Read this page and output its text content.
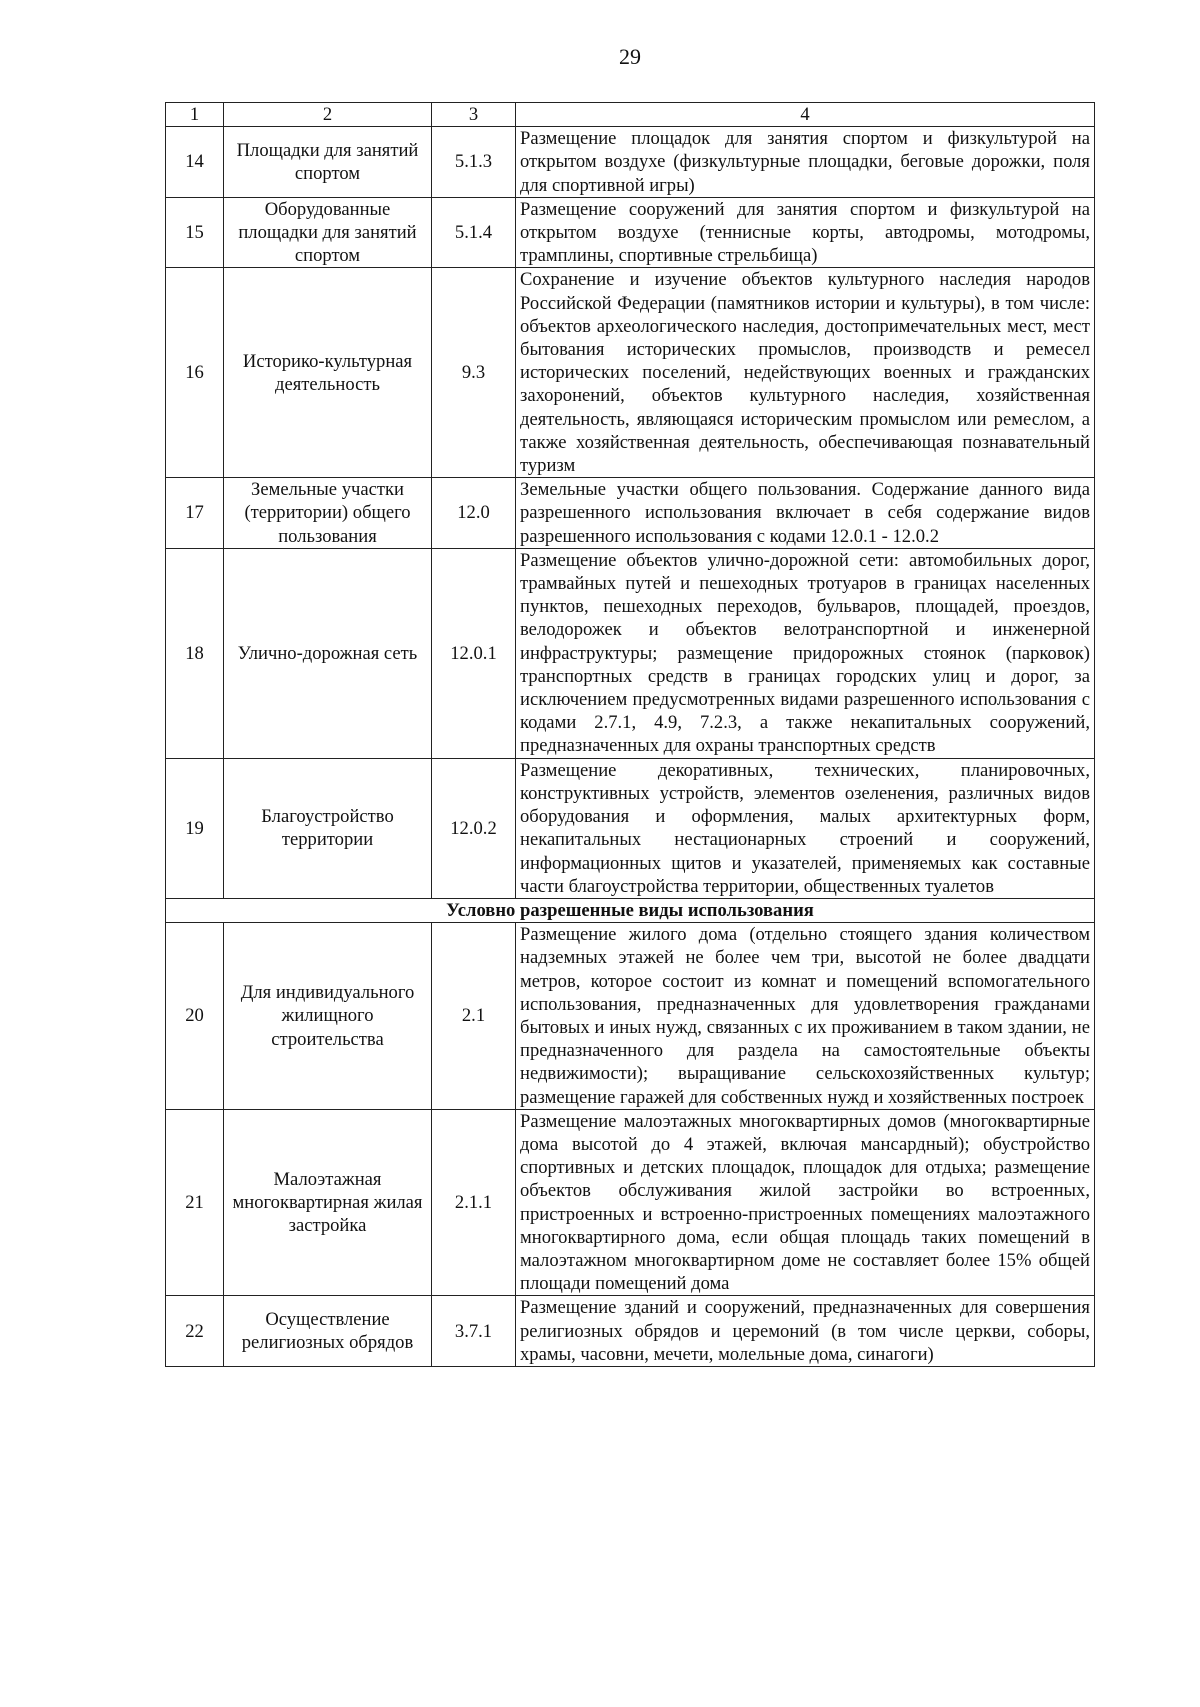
29
1	2	3	4
14	Площадки для занятий спортом	5.1.3	Размещение площадок для занятия спортом и физкультурой на открытом воздухе (физкультурные площадки, беговые дорожки, поля для спортивной игры)
15	Оборудованные площадки для занятий спортом	5.1.4	Размещение сооружений для занятия спортом и физкультурой на открытом воздухе (теннисные корты, автодромы, мотодромы, трамплины, спортивные стрельбища)
16	Историко-культурная деятельность	9.3	Сохранение и изучение объектов культурного наследия народов Российской Федерации (памятников истории и культуры), в том числе: объектов археологического наследия, достопримечательных мест, мест бытования исторических промыслов, производств и ремесел исторических поселений, недействующих военных и гражданских захоронений, объектов культурного наследия, хозяйственная деятельность, являющаяся историческим промыслом или ремеслом, а также хозяйственная деятельность, обеспечивающая познавательный туризм
17	Земельные участки (территории) общего пользования	12.0	Земельные участки общего пользования. Содержание данного вида разрешенного использования включает в себя содержание видов разрешенного использования с кодами 12.0.1 - 12.0.2
18	Улично-дорожная сеть	12.0.1	Размещение объектов улично-дорожной сети: автомобильных дорог, трамвайных путей и пешеходных тротуаров в границах населенных пунктов, пешеходных переходов, бульваров, площадей, проездов, велодорожек и объектов велотранспортной и инженерной инфраструктуры; размещение придорожных стоянок (парковок) транспортных средств в границах городских улиц и дорог, за исключением предусмотренных видами разрешенного использования с кодами 2.7.1, 4.9, 7.2.3, а также некапитальных сооружений, предназначенных для охраны транспортных средств
19	Благоустройство территории	12.0.2	Размещение декоративных, технических, планировочных, конструктивных устройств, элементов озеленения, различных видов оборудования и оформления, малых архитектурных форм, некапитальных нестационарных строений и сооружений, информационных щитов и указателей, применяемых как составные части благоустройства территории, общественных туалетов
Условно разрешенные виды использования			
20	Для индивидуального жилищного строительства	2.1	Размещение жилого дома (отдельно стоящего здания количеством надземных этажей не более чем три, высотой не более двадцати метров, которое состоит из комнат и помещений вспомогательного использования, предназначенных для удовлетворения гражданами бытовых и иных нужд, связанных с их проживанием в таком здании, не предназначенного для раздела на самостоятельные объекты недвижимости); выращивание сельскохозяйственных культур; размещение гаражей для собственных нужд и хозяйственных построек
21	Малоэтажная многоквартирная жилая застройка	2.1.1	Размещение малоэтажных многоквартирных домов (многоквартирные дома высотой до 4 этажей, включая мансардный); обустройство спортивных и детских площадок, площадок для отдыха; размещение объектов обслуживания жилой застройки во встроенных, пристроенных и встроенно-пристроенных помещениях малоэтажного многоквартирного дома, если общая площадь таких помещений в малоэтажном многоквартирном доме не составляет более 15% общей площади помещений дома
22	Осуществление религиозных обрядов	3.7.1	Размещение зданий и сооружений, предназначенных для совершения религиозных обрядов и церемоний (в том числе церкви, соборы, храмы, часовни, мечети, молельные дома, синагоги)
